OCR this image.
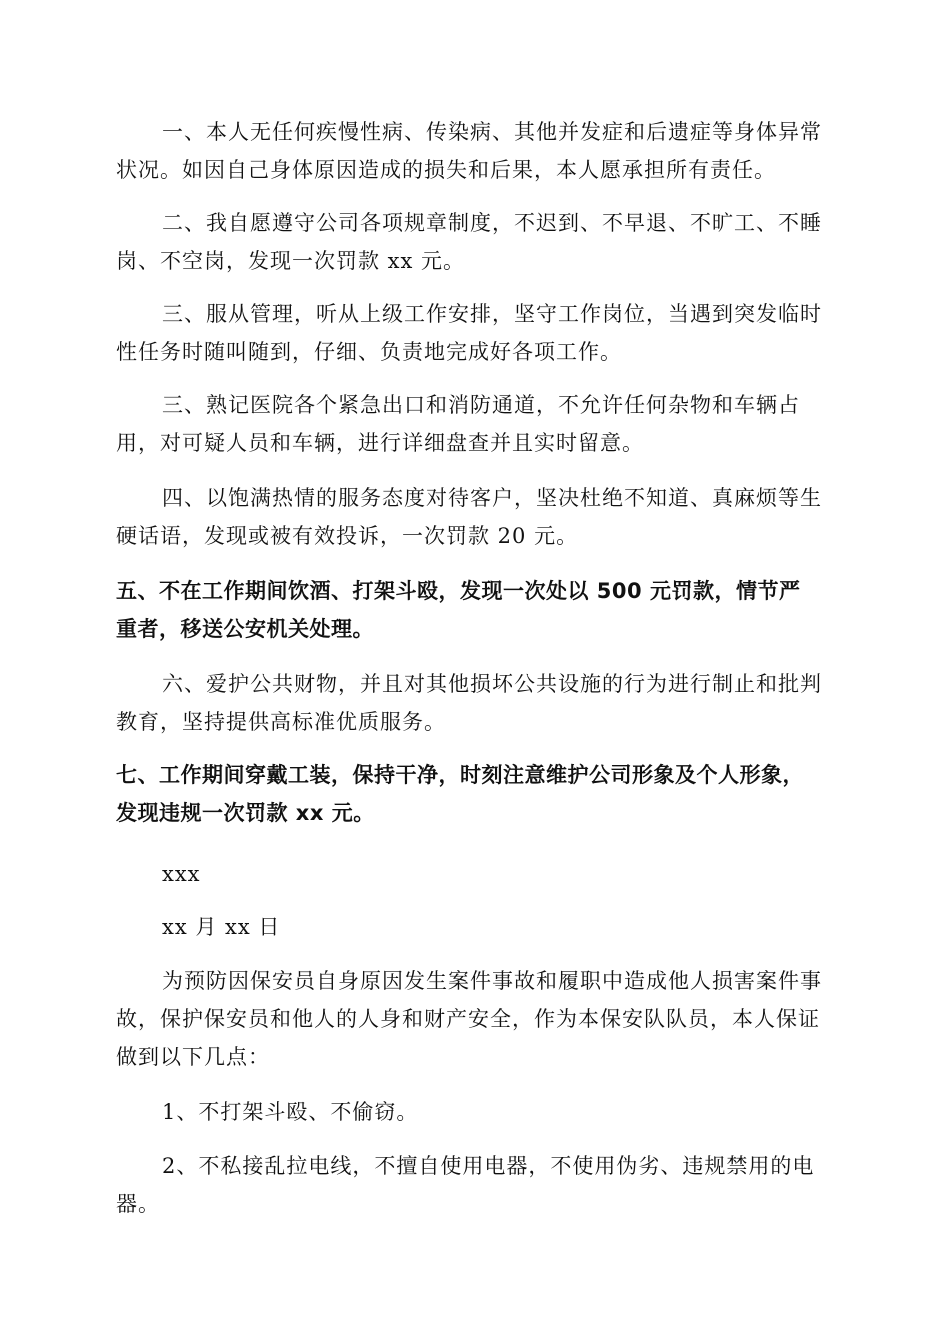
一、本人无任何疾慢性病、传染病、其他并发症和后遗症等身体异常
状况。如因自己身体原因造成的损失和后果，本人愿承担所有责任。
二、我自愿遵守公司各项规章制度，不迟到、不早退、不旷工、不睡
岗、不空岗，发现一次罚款 xx 元。
三、服从管理，听从上级工作安排，坚守工作岗位，当遇到突发临时
性任务时随叫随到，仔细、负责地完成好各项工作。
三、熟记医院各个紧急出口和消防通道，不允许任何杂物和车辆占
用，对可疑人员和车辆，进行详细盘查并且实时留意。
四、以饱满热情的服务态度对待客户，坚决杜绝不知道、真麻烦等生
硬话语，发现或被有效投诉，一次罚款 20 元。
五、不在工作期间饮酒、打架斗殴，发现一次处以 500 元罚款，情节严
重者，移送公安机关处理。
六、爱护公共财物，并且对其他损坏公共设施的行为进行制止和批判
教育，坚持提供高标准优质服务。
七、工作期间穿戴工装，保持干净，时刻注意维护公司形象及个人形象，
发现违规一次罚款 xx 元。
xxx
xx 月 xx 日
为预防因保安员自身原因发生案件事故和履职中造成他人损害案件事
故，保护保安员和他人的人身和财产安全，作为本保安队队员，本人保证
做到以下几点：
1、不打架斗殴、不偷窃。
2、不私接乱拉电线，不擅自使用电器，不使用伪劣、违规禁用的电
器。
